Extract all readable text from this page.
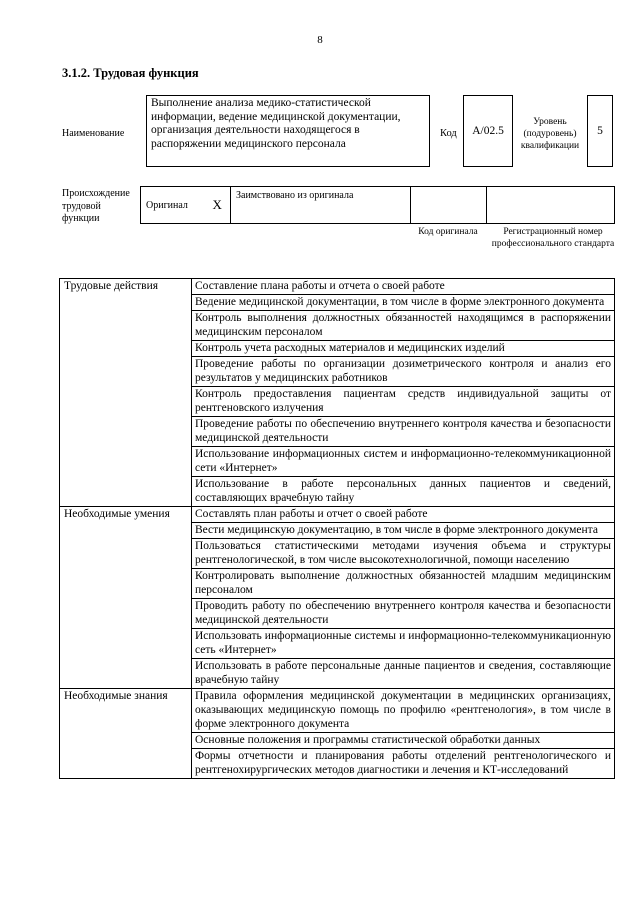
8
3.1.2. Трудовая функция
Наименование
Выполнение анализа медико-статистической информации, ведение медицинской документации, организация деятельности находящегося в распоряжении медицинского персонала
Код	A/02.5
Уровень (подуровень) квалификации
5
Происхождение трудовой функции
Оригинал	X	Заимствовано из оригинала		
Код оригинала	Регистрационный номер профессионального стандарта
Трудовые действия	Составление плана работы и отчета о своей работе
	Ведение медицинской документации, в том числе в форме электронного документа
	Контроль выполнения должностных обязанностей находящимся в распоряжении медицинским персоналом
	Контроль учета расходных материалов и медицинских изделий
	Проведение работы по организации дозиметрического контроля и анализ его результатов у медицинских работников
	Контроль предоставления пациентам средств индивидуальной защиты от рентгеновского излучения
	Проведение работы по обеспечению внутреннего контроля качества и безопасности медицинской деятельности
	Использование информационных систем и информационно-телекоммуникационной сети «Интернет»
	Использование в работе персональных данных пациентов и сведений, составляющих врачебную тайну
Необходимые умения	Составлять план работы и отчет о своей работе
	Вести медицинскую документацию, в том числе в форме электронного документа
	Пользоваться статистическими методами изучения объема и структуры рентгенологической, в том числе высокотехнологичной, помощи населению
	Контролировать выполнение должностных обязанностей младшим медицинским персоналом
	Проводить работу по обеспечению внутреннего контроля качества и безопасности медицинской деятельности
	Использовать информационные системы и информационно-телекоммуникационную сеть «Интернет»
	Использовать в работе персональные данные пациентов и сведения, составляющие врачебную тайну
Необходимые знания	Правила оформления медицинской документации в медицинских организациях, оказывающих медицинскую помощь по профилю «рентгенология», в том числе в форме электронного документа
	Основные положения и программы статистической обработки данных
	Формы отчетности и планирования работы отделений рентгенологического и рентгенохирургических методов диагностики и лечения и КТ-исследований
